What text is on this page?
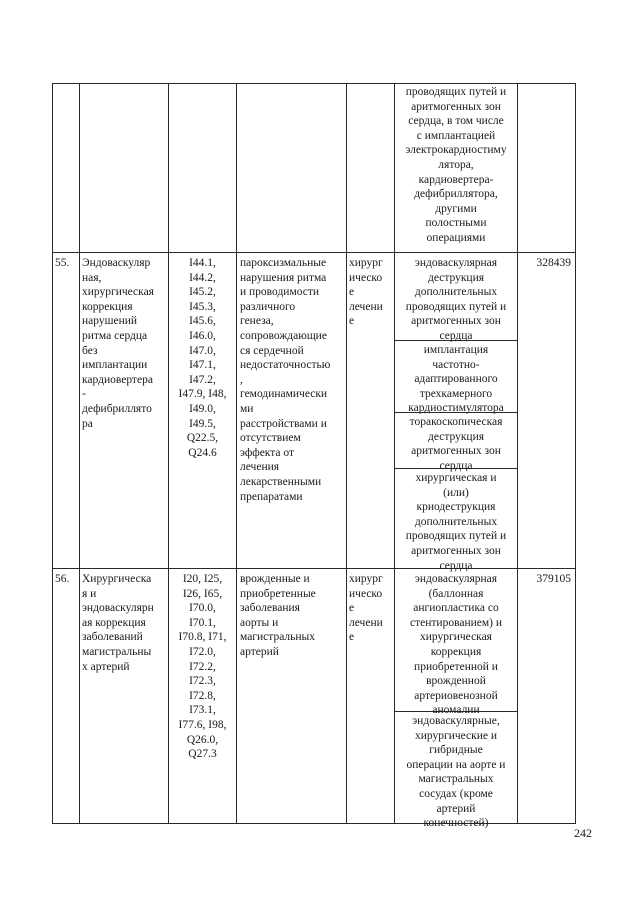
проводящих путей и
аритмогенных зон
сердца, в том числе
с имплантацией
электрокардиостиму
лятора,
кардиовертера-
дефибриллятора,
другими
полостными
операциями
55.	Эндоваскуляр
ная,
хирургическая
коррекция
нарушений
ритма сердца
без
имплантации
кардиовертера
-
дефибриллято
ра
I44.1,
I44.2,
I45.2,
I45.3,
I45.6,
I46.0,
I47.0,
I47.1,
I47.2,
I47.9, I48,
I49.0,
I49.5,
Q22.5,
Q24.6
пароксизмальные
нарушения ритма
и проводимости
различного
генеза,
сопровождающие
ся сердечной
недостаточностью
,
гемодинамически
ми
расстройствами и
отсутствием
эффекта от
лечения
лекарственными
препаратами
хирург
ическо
е
лечени
е
эндоваскулярная
деструкция
дополнительных
проводящих путей и
аритмогенных зон
сердца
имплантация
частотно-
адаптированного
трехкамерного
кардиостимулятора
торакоскопическая
деструкция
аритмогенных зон
сердца
хирургическая и
(или)
криодеструкция
дополнительных
проводящих путей и
аритмогенных зон
сердца
328439
56.	Хирургическа
я и
эндоваскулярн
ая коррекция
заболеваний
магистральны
х артерий
I20, I25,
I26, I65,
I70.0,
I70.1,
I70.8, I71,
I72.0,
I72.2,
I72.3,
I72.8,
I73.1,
I77.6, I98,
Q26.0,
Q27.3
врожденные и
приобретенные
заболевания
аорты и
магистральных
артерий
хирург
ическо
е
лечени
е
эндоваскулярная
(баллонная
ангиопластика со
стентированием) и
хирургическая
коррекция
приобретенной и
врожденной
артериовенозной
аномалии
эндоваскулярные,
хирургические и
гибридные
операции на аорте и
магистральных
сосудах (кроме
артерий
конечностей)
379105
242
